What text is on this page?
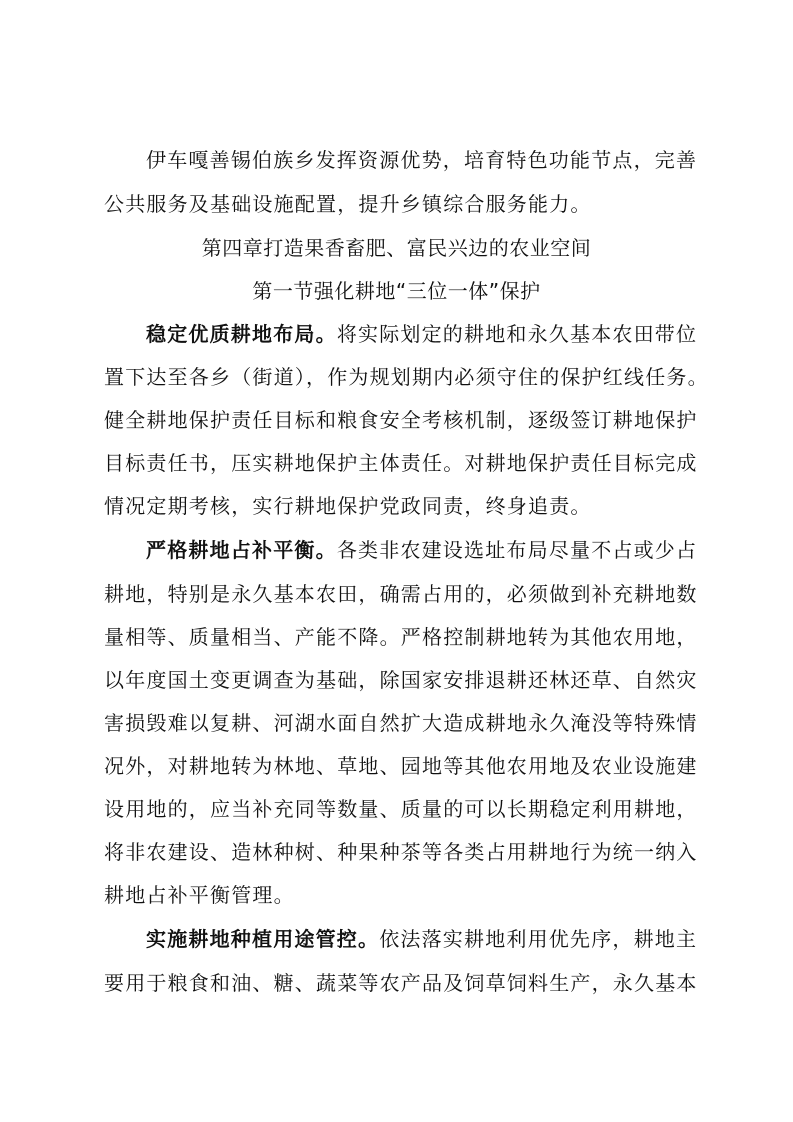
伊车嘎善锡伯族乡发挥资源优势，培育特色功能节点，完善
公共服务及基础设施配置，提升乡镇综合服务能力。
第四章打造果香畜肥、富民兴边的农业空间
第一节强化耕地“三位一体”保护
稳定优质耕地布局。将实际划定的耕地和永久基本农田带位
置下达至各乡（街道），作为规划期内必须守住的保护红线任务。
健全耕地保护责任目标和粮食安全考核机制，逐级签订耕地保护
目标责任书，压实耕地保护主体责任。对耕地保护责任目标完成
情况定期考核，实行耕地保护党政同责，终身追责。
严格耕地占补平衡。各类非农建设选址布局尽量不占或少占
耕地，特别是永久基本农田，确需占用的，必须做到补充耕地数
量相等、质量相当、产能不降。严格控制耕地转为其他农用地，
以年度国土变更调查为基础，除国家安排退耕还林还草、自然灾
害损毁难以复耕、河湖水面自然扩大造成耕地永久淹没等特殊情
况外，对耕地转为林地、草地、园地等其他农用地及农业设施建
设用地的，应当补充同等数量、质量的可以长期稳定利用耕地，
将非农建设、造林种树、种果种茶等各类占用耕地行为统一纳入
耕地占补平衡管理。
实施耕地种植用途管控。依法落实耕地利用优先序，耕地主
要用于粮食和油、糖、蔬菜等农产品及饲草饲料生产，永久基本
